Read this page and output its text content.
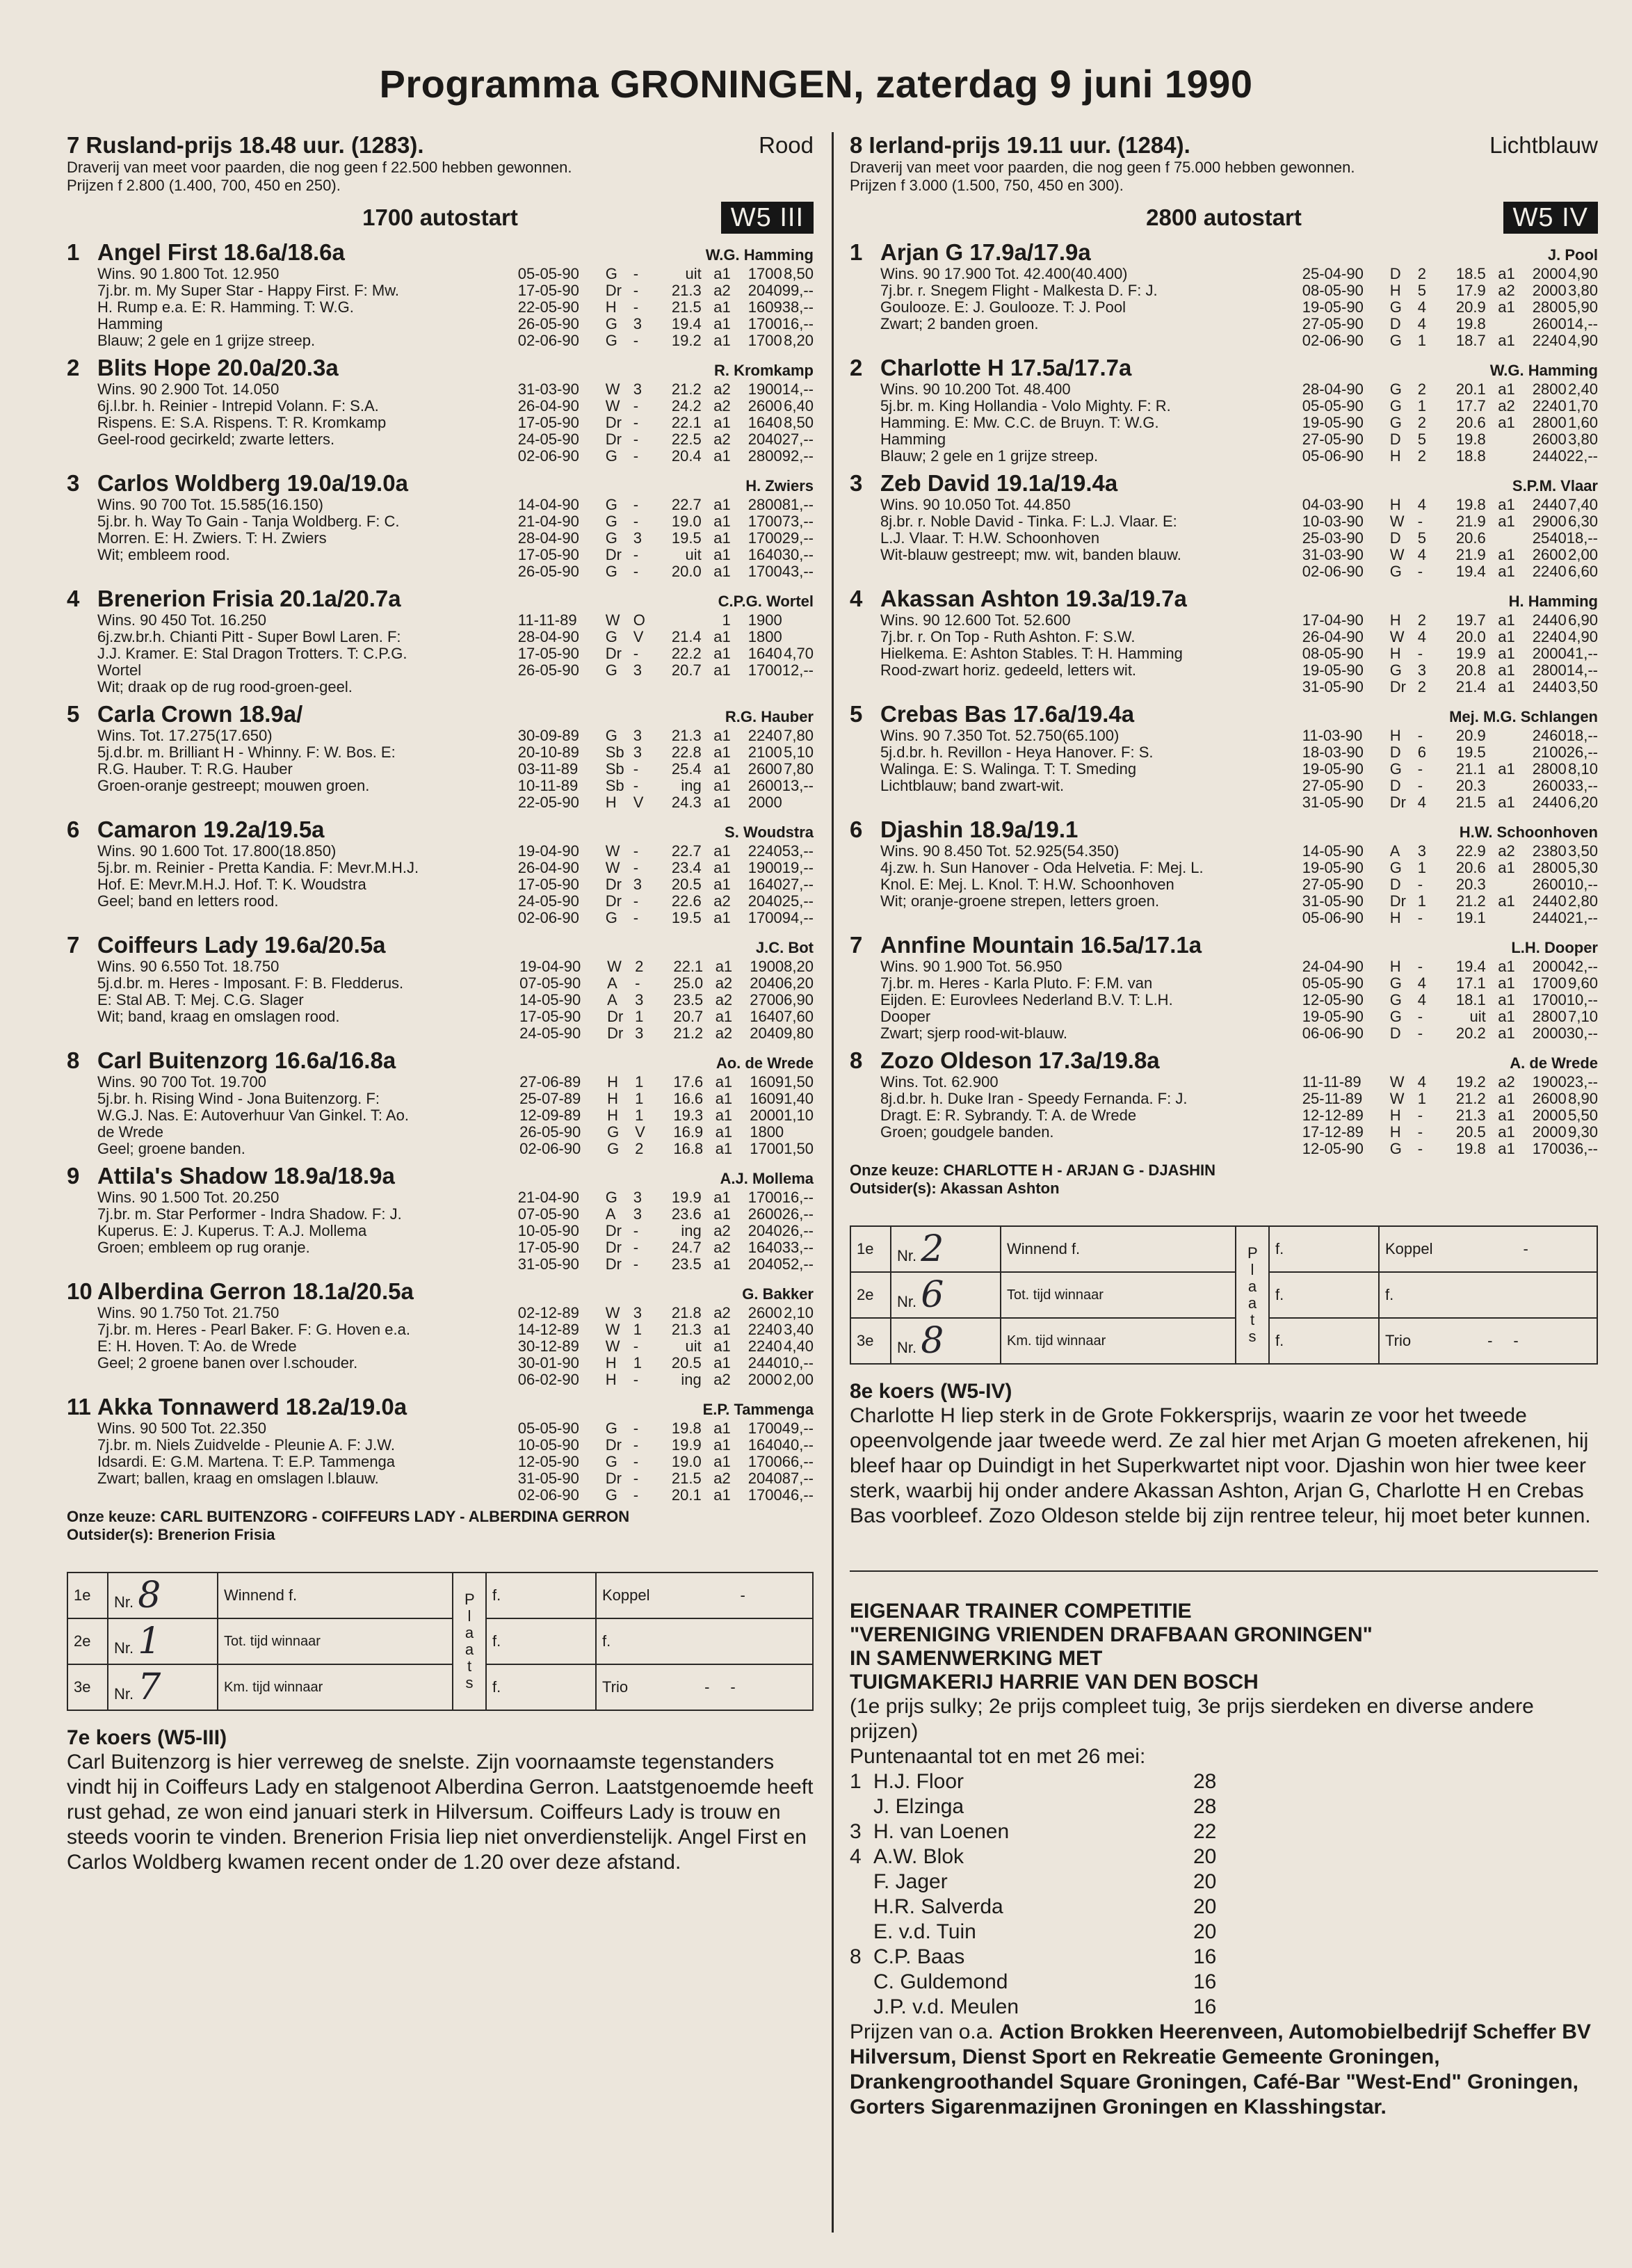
Programma GRONINGEN, zaterdag 9 juni 1990
7 Rusland-prijs 18.48 uur. (1283).	Rood
Draverij van meet voor paarden, die nog geen f 22.500 hebben gewonnen.
Prijzen f 2.800 (1.400, 700, 450 en 250).
1700 autostart	W5 III
1 Angel First 18.6a/18.6a	W.G. Hamming
Wins. 90 1.800 Tot. 12.950
7j.br. m. My Super Star - Happy First. F: Mw.
H. Rump e.a. E: R. Hamming. T: W.G.
Hamming
Blauw; 2 gele en 1 grijze streep.
05-05-90	G	-	uit a1	1700 8,50
17-05-90	Dr -	21.3 a2	2040 99,--
22-05-90	H	-	21.5 a1	1609 38,--
26-05-90	G	3	19.4 a1	1700 16,--
02-06-90	G	-	19.2 a1	1700 8,20
2 Blits Hope 20.0a/20.3a	R. Kromkamp
Wins. 90 2.900 Tot. 14.050
6j.l.br. h. Reinier - Intrepid Volann. F: S.A.
Rispens. E: S.A. Rispens. T: R. Kromkamp
Geel-rood gecirkeld; zwarte letters.
31-03-90	W 3	21.2 a2	1900 14,--
26-04-90	W -	24.2 a2	2600 6,40
17-05-90	Dr -	22.1 a1	1640 8,50
24-05-90	Dr -	22.5 a2	2040 27,--
02-06-90	G	-	20.4 a1	2800 92,--
3 Carlos Woldberg 19.0a/19.0a	H. Zwiers
Wins. 90 700 Tot. 15.585(16.150)
5j.br. h. Way To Gain - Tanja Woldberg. F: C.
Morren. E: H. Zwiers. T: H. Zwiers
Wit; embleem rood.
14-04-90	G	-	22.7 a1	2800 81,--
21-04-90	G	-	19.0 a1	1700 73,--
28-04-90	G	3	19.5 a1	1700 29,--
17-05-90	Dr -	uit a1	1640 30,--
26-05-90	G	-	20.0 a1	1700 43,--
4 Brenerion Frisia 20.1a/20.7a	C.P.G. Wortel
Wins. 90 450 Tot. 16.250
6j.zw.br.h. Chianti Pitt - Super Bowl Laren. F:
J.J. Kramer. E: Stal Dragon Trotters. T: C.P.G.
Wortel
Wit; draak op de rug rood-groen-geel.
11-11-89	W O	1	1900
28-04-90	G	V	21.4 a1	1800
17-05-90	Dr -	22.2 a1	1640 4,70
26-05-90	G	3	20.7 a1	1700 12,--
5 Carla Crown 18.9a/	R.G. Hauber
Wins. Tot. 17.275(17.650)
5j.d.br. m. Brilliant H - Whinny. F: W. Bos. E:
R.G. Hauber. T: R.G. Hauber
Groen-oranje gestreept; mouwen groen.
30-09-89	G	3	21.3 a1	2240 7,80
20-10-89	Sb 3	22.8 a1	2100 5,10
03-11-89	Sb -	25.4 a1	2600 7,80
10-11-89	Sb -	ing a1	2600 13,--
22-05-90	H	V	24.3 a1	2000
6 Camaron 19.2a/19.5a	S. Woudstra
Wins. 90 1.600 Tot. 17.800(18.850)
5j.br. m. Reinier - Pretta Kandia. F: Mevr.M.H.J.
Hof. E: Mevr.M.H.J. Hof. T: K. Woudstra
Geel; band en letters rood.
19-04-90	W -	22.7 a1	2240 53,--
26-04-90	W -	23.4 a1	1900 19,--
17-05-90	Dr 3	20.5 a1	1640 27,--
24-05-90	Dr -	22.6 a2	2040 25,--
02-06-90	G	-	19.5 a1	1700 94,--
7 Coiffeurs Lady 19.6a/20.5a	J.C. Bot
Wins. 90 6.550 Tot. 18.750
5j.d.br. m. Heres - Imposant. F: B. Fledderus.
E: Stal AB. T: Mej. C.G. Slager
Wit; band, kraag en omslagen rood.
19-04-90	W 2	22.1 a1	1900 8,20
07-05-90	A	-	25.0 a2	2040 6,20
14-05-90	A	3	23.5 a2	2700 6,90
17-05-90	Dr 1	20.7 a1	1640 7,60
24-05-90	Dr 3	21.2 a2	2040 9,80
8 Carl Buitenzorg 16.6a/16.8a	Ao. de Wrede
Wins. 90 700 Tot. 19.700
5j.br. h. Rising Wind - Jona Buitenzorg. F:
W.G.J. Nas. E: Autoverhuur Van Ginkel. T: Ao.
de Wrede
Geel; groene banden.
27-06-89	H	1	17.6 a1	1609 1,50
25-07-89	H	1	16.6 a1	1609 1,40
12-09-89	H	1	19.3 a1	2000 1,10
26-05-90	G	V	16.9 a1	1800
02-06-90	G	2	16.8 a1	1700 1,50
9 Attila's Shadow 18.9a/18.9a	A.J. Mollema
Wins. 90 1.500 Tot. 20.250
7j.br. m. Star Performer - Indra Shadow. F: J.
Kuperus. E: J. Kuperus. T: A.J. Mollema
Groen; embleem op rug oranje.
21-04-90	G	3	19.9 a1	1700 16,--
07-05-90	A	3	23.6 a1	2600 26,--
10-05-90	Dr -	ing a2	2040 26,--
17-05-90	Dr -	24.7 a2	1640 33,--
31-05-90	Dr -	23.5 a1	2040 52,--
10 Alberdina Gerron 18.1a/20.5a	G. Bakker
Wins. 90 1.750 Tot. 21.750
7j.br. m. Heres - Pearl Baker. F: G. Hoven e.a.
E: H. Hoven. T: Ao. de Wrede
Geel; 2 groene banen over l.schouder.
02-12-89	W 3	21.8 a2	2600 2,10
14-12-89	W 1	21.3 a1	2240 3,40
30-12-89	W -	uit a1	2240 4,40
30-01-90	H	1	20.5 a1	2440 10,--
06-02-90	H	-	ing a2	2000 2,00
11 Akka Tonnawerd 18.2a/19.0a	E.P. Tammenga
Wins. 90 500 Tot. 22.350
7j.br. m. Niels Zuidvelde - Pleunie A. F: J.W.
Idsardi. E: G.M. Martena. T: E.P. Tammenga
Zwart; ballen, kraag en omslagen l.blauw.
05-05-90	G	-	19.8 a1	1700 49,--
10-05-90	Dr -	19.9 a1	1640 40,--
12-05-90	G	-	19.0 a1	1700 66,--
31-05-90	Dr -	21.5 a2	2040 87,--
02-06-90	G	-	20.1 a1	1700 46,--
Onze keuze: CARL BUITENZORG - COIFFEURS LADY - ALBERDINA GERRON
Outsider(s): Brenerion Frisia
1e	Nr. 8	Winnend f.	Plaats	f.	Koppel -
2e	Nr. 1	Tot. tijd winnaar		f.	f.
3e	Nr. 7	Km. tijd winnaar		f.	Trio - -
7e koers (W5-III)
Carl Buitenzorg is hier verreweg de snelste. Zijn voornaamste tegenstanders vindt hij in Coiffeurs Lady en stalgenoot Alberdina Gerron. Laatstgenoemde heeft rust gehad, ze won eind januari sterk in Hilversum. Coiffeurs Lady is trouw en steeds voorin te vinden. Brenerion Frisia liep niet onverdienstelijk. Angel First en Carlos Woldberg kwamen recent onder de 1.20 over deze afstand.
8 Ierland-prijs 19.11 uur. (1284).	Lichtblauw
Draverij van meet voor paarden, die nog geen f 75.000 hebben gewonnen.
Prijzen f 3.000 (1.500, 750, 450 en 300).
2800 autostart	W5 IV
1 Arjan G 17.9a/17.9a	J. Pool
Wins. 90 17.900 Tot. 42.400(40.400)
7j.br. r. Snegem Flight - Malkesta D. F: J.
Goulooze. E: J. Goulooze. T: J. Pool
Zwart; 2 banden groen.
25-04-90	D	2	18.5 a1	2000 4,90
08-05-90	H	5	17.9 a2	2000 3,80
19-05-90	G	4	20.9 a1	2800 5,90
27-05-90	D	4	19.8	2600 14,--
02-06-90	G	1	18.7 a1	2240 4,90
2 Charlotte H 17.5a/17.7a	W.G. Hamming
Wins. 90 10.200 Tot. 48.400
5j.br. m. King Hollandia - Volo Mighty. F: R.
Hamming. E: Mw. C.C. de Bruyn. T: W.G.
Hamming
Blauw; 2 gele en 1 grijze streep.
28-04-90	G	2	20.1 a1	2800 2,40
05-05-90	G	1	17.7 a2	2240 1,70
19-05-90	G	2	20.6 a1	2800 1,60
27-05-90	D	5	19.8	2600 3,80
05-06-90	H	2	18.8	2440 22,--
3 Zeb David 19.1a/19.4a	S.P.M. Vlaar
Wins. 90 10.050 Tot. 44.850
8j.br. r. Noble David - Tinka. F: L.J. Vlaar. E:
L.J. Vlaar. T: H.W. Schoonhoven
Wit-blauw gestreept; mw. wit, banden blauw.
04-03-90	H	4	19.8 a1	2440 7,40
10-03-90	W -	21.9 a1	2900 6,30
25-03-90	D	5	20.6	2540 18,--
31-03-90	W 4	21.9 a1	2600 2,00
02-06-90	G	-	19.4 a1	2240 6,60
4 Akassan Ashton 19.3a/19.7a	H. Hamming
Wins. 90 12.600 Tot. 52.600
7j.br. r. On Top - Ruth Ashton. F: S.W.
Hielkema. E: Ashton Stables. T: H. Hamming
Rood-zwart horiz. gedeeld, letters wit.
17-04-90	H	2	19.7 a1	2440 6,90
26-04-90	W 4	20.0 a1	2240 4,90
08-05-90	H	-	19.9 a1	2000 41,--
19-05-90	G	3	20.8 a1	2800 14,--
31-05-90	Dr 2	21.4 a1	2440 3,50
5 Crebas Bas 17.6a/19.4a	Mej. M.G. Schlangen
Wins. 90 7.350 Tot. 52.750(65.100)
5j.d.br. h. Revillon - Heya Hanover. F: S.
Walinga. E: S. Walinga. T: T. Smeding
Lichtblauw; band zwart-wit.
11-03-90	H	-	20.9	2460 18,--
18-03-90	D	6	19.5	2100 26,--
19-05-90	G	-	21.1 a1	2800 8,10
27-05-90	D	-	20.3	2600 33,--
31-05-90	Dr 4	21.5 a1	2440 6,20
6 Djashin 18.9a/19.1	H.W. Schoonhoven
Wins. 90 8.450 Tot. 52.925(54.350)
4j.zw. h. Sun Hanover - Oda Helvetia. F: Mej. L.
Knol. E: Mej. L. Knol. T: H.W. Schoonhoven
Wit; oranje-groene strepen, letters groen.
14-05-90	A	3	22.9 a2	2380 3,50
19-05-90	G	1	20.6 a1	2800 5,30
27-05-90	D	-	20.3	2600 10,--
31-05-90	Dr 1	21.2 a1	2440 2,80
05-06-90	H	-	19.1	2440 21,--
7 Annfine Mountain 16.5a/17.1a	L.H. Dooper
Wins. 90 1.900 Tot. 56.950
7j.br. m. Heres - Karla Pluto. F: F.M. van
Eijden. E: Eurovlees Nederland B.V. T: L.H.
Dooper
Zwart; sjerp rood-wit-blauw.
24-04-90	H	-	19.4 a1	2000 42,--
05-05-90	G	4	17.1 a1	1700 9,60
12-05-90	G	4	18.1 a1	1700 10,--
19-05-90	G	-	uit a1	2800 7,10
06-06-90	D	-	20.2 a1	2000 30,--
8 Zozo Oldeson 17.3a/19.8a	A. de Wrede
Wins. Tot. 62.900
8j.d.br. h. Duke Iran - Speedy Fernanda. F: J.
Dragt. E: R. Sybrandy. T: A. de Wrede
Groen; goudgele banden.
11-11-89	W 4	19.2 a2	1900 23,--
25-11-89	W 1	21.2 a1	2600 8,90
12-12-89	H	-	21.3 a1	2000 5,50
17-12-89	H	-	20.5 a1	2000 9,30
12-05-90	G	-	19.8 a1	1700 36,--
Onze keuze: CHARLOTTE H - ARJAN G - DJASHIN
Outsider(s): Akassan Ashton
1e	Nr. 2	Winnend f.	Plaats	f.	Koppel -
2e	Nr. 6	Tot. tijd winnaar		f.	f.
3e	Nr. 8	Km. tijd winnaar		f.	Trio - -
8e koers (W5-IV)
Charlotte H liep sterk in de Grote Fokkersprijs, waarin ze voor het tweede opeenvolgende jaar tweede werd. Ze zal hier met Arjan G moeten afrekenen, hij bleef haar op Duindigt in het Superkwartet nipt voor. Djashin won hier twee keer sterk, waarbij hij onder andere Akassan Ashton, Arjan G, Charlotte H en Crebas Bas voorbleef. Zozo Oldeson stelde bij zijn rentree teleur, hij moet beter kunnen.
EIGENAAR TRAINER COMPETITIE
"VERENIGING VRIENDEN DRAFBAAN GRONINGEN"
IN SAMENWERKING MET
TUIGMAKERIJ HARRIE VAN DEN BOSCH
(1e prijs sulky; 2e prijs compleet tuig, 3e prijs sierdeken en diverse andere prijzen)
Puntenaantal tot en met 26 mei:
1 H.J. Floor	28
J. Elzinga	28
3 H. van Loenen	22
4 A.W. Blok	20
F. Jager	20
H.R. Salverda	20
E. v.d. Tuin	20
8 C.P. Baas	16
C. Guldemond	16
J.P. v.d. Meulen	16
Prijzen van o.a. Action Brokken Heerenveen, Automobielbedrijf Scheffer BV Hilversum, Dienst Sport en Rekreatie Gemeente Groningen, Drankengroothandel Square Groningen, Café-Bar "West-End" Groningen, Gorters Sigarenmazijnen Groningen en Klasshingstar.
